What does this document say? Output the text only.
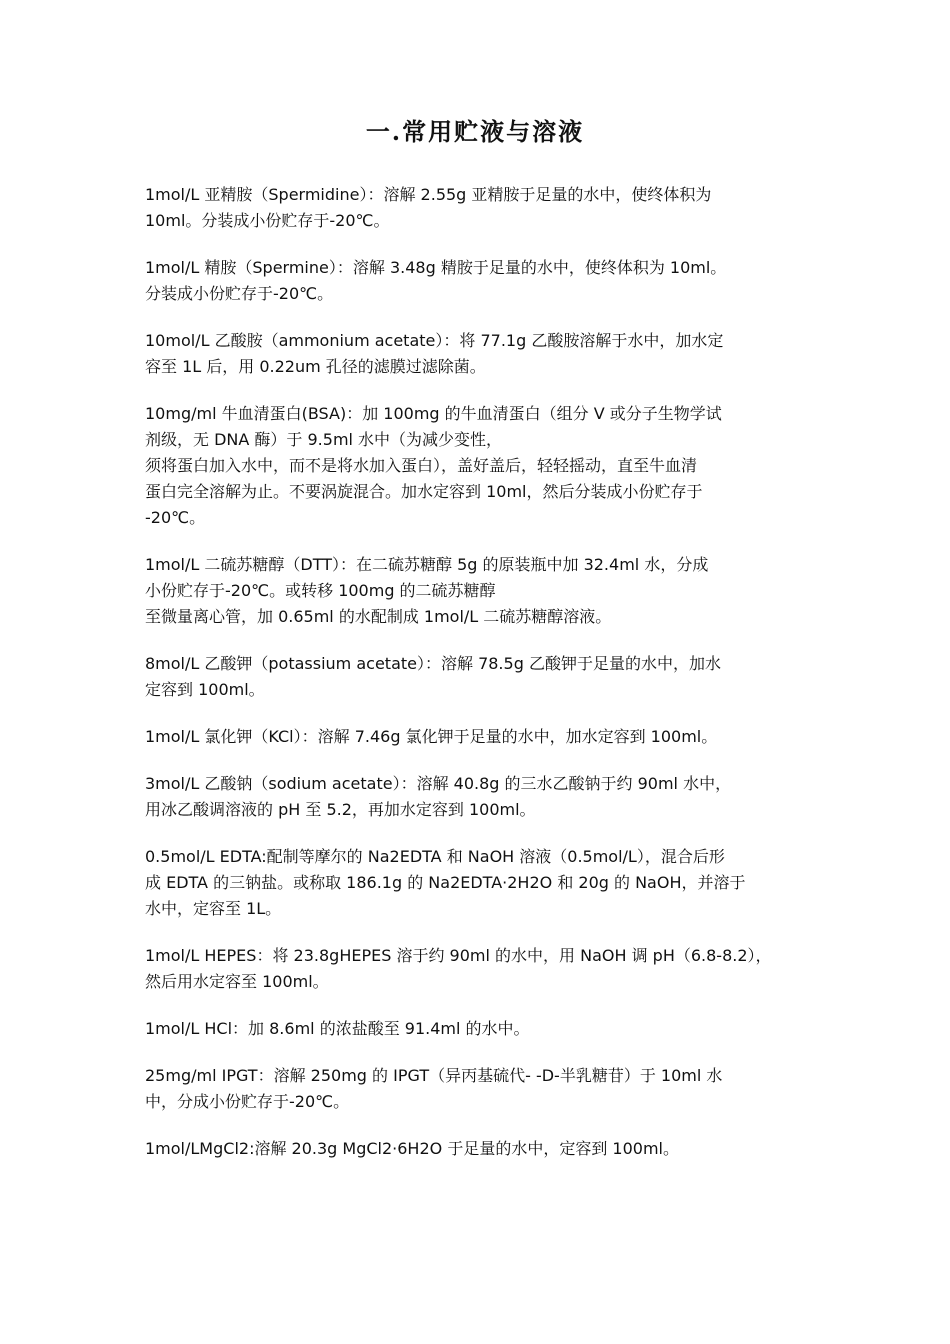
一.常用贮液与溶液

1mol/L 亚精胺（Spermidine）：溶解 2.55g 亚精胺于足量的水中，使终体积为
10ml。分装成小份贮存于-20℃。

1mol/L 精胺（Spermine）：溶解 3.48g 精胺于足量的水中，使终体积为 10ml。
分装成小份贮存于-20℃。

10mol/L 乙酸胺（ammonium acetate）：将 77.1g 乙酸胺溶解于水中，加水定
容至 1L 后，用 0.22um 孔径的滤膜过滤除菌。

10mg/ml 牛血清蛋白(BSA)：加 100mg 的牛血清蛋白（组分 V 或分子生物学试
剂级，无 DNA 酶）于 9.5ml 水中（为减少变性，
须将蛋白加入水中，而不是将水加入蛋白），盖好盖后，轻轻摇动，直至牛血清
蛋白完全溶解为止。不要涡旋混合。加水定容到 10ml，然后分装成小份贮存于
-20℃。

1mol/L 二硫苏糖醇（DTT）：在二硫苏糖醇 5g 的原装瓶中加 32.4ml 水，分成
小份贮存于-20℃。或转移 100mg 的二硫苏糖醇
至微量离心管，加 0.65ml 的水配制成 1mol/L 二硫苏糖醇溶液。

8mol/L 乙酸钾（potassium acetate）：溶解 78.5g 乙酸钾于足量的水中，加水
定容到 100ml。

1mol/L 氯化钾（KCl）：溶解 7.46g 氯化钾于足量的水中，加水定容到 100ml。

3mol/L 乙酸钠（sodium acetate）：溶解 40.8g 的三水乙酸钠于约 90ml 水中，
用冰乙酸调溶液的 pH 至 5.2，再加水定容到 100ml。

0.5mol/L EDTA:配制等摩尔的 Na2EDTA 和 NaOH 溶液（0.5mol/L），混合后形
成 EDTA 的三钠盐。或称取 186.1g 的 Na2EDTA·2H2O 和 20g 的 NaOH，并溶于
水中，定容至 1L。

1mol/L HEPES：将 23.8gHEPES 溶于约 90ml 的水中，用 NaOH 调 pH（6.8-8.2），
然后用水定容至 100ml。

1mol/L HCl：加 8.6ml 的浓盐酸至 91.4ml 的水中。

25mg/ml IPGT：溶解 250mg 的 IPGT（异丙基硫代- -D-半乳糖苷）于 10ml 水
中，分成小份贮存于-20℃。

1mol/LMgCl2:溶解 20.3g MgCl2·6H2O 于足量的水中，定容到 100ml。
